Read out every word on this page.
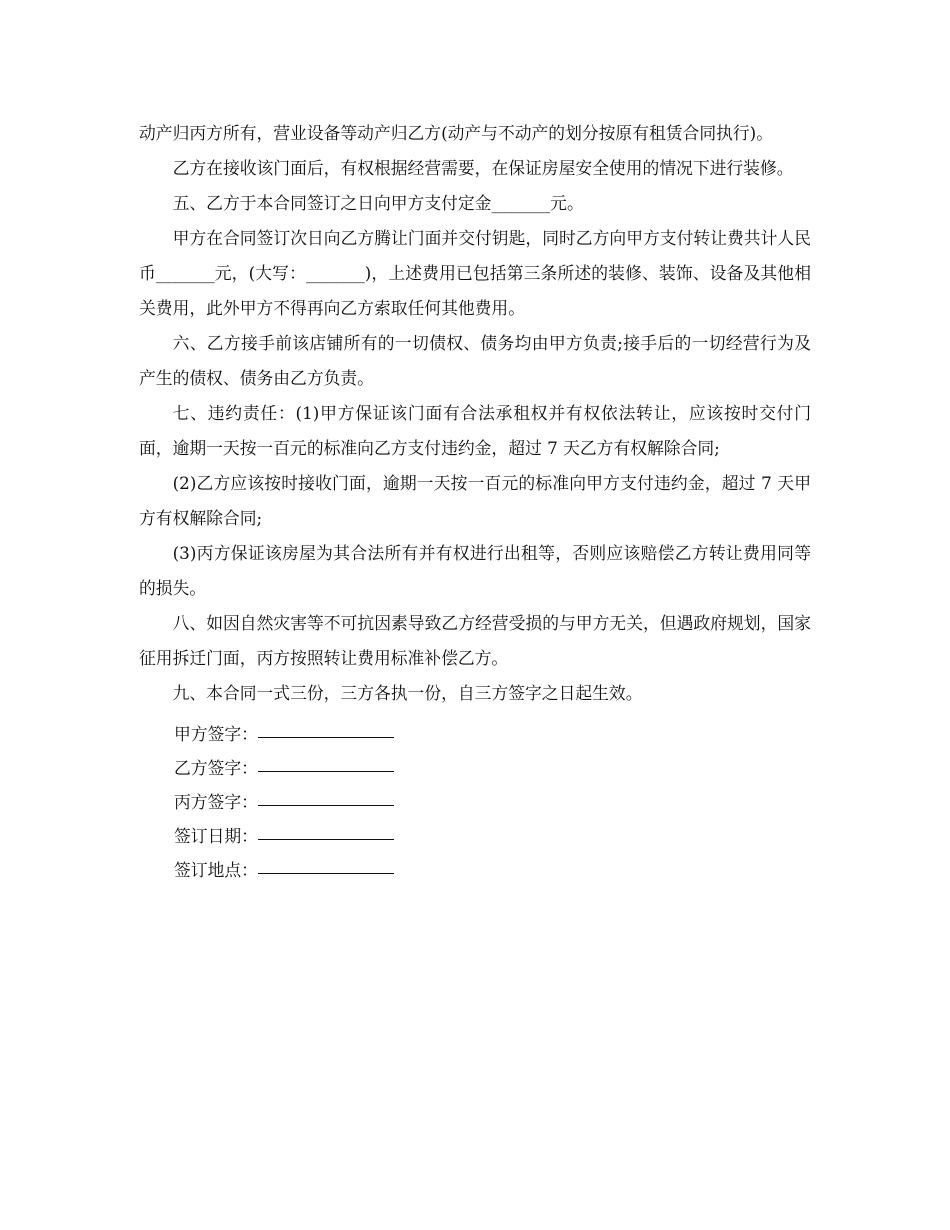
动产归丙方所有，营业设备等动产归乙方(动产与不动产的划分按原有租赁合同执行)。

乙方在接收该门面后，有权根据经营需要，在保证房屋安全使用的情况下进行装修。

五、乙方于本合同签订之日向甲方支付定金_______元。

甲方在合同签订次日向乙方腾让门面并交付钥匙，同时乙方向甲方支付转让费共计人民币_______元，(大写：_______)，上述费用已包括第三条所述的装修、装饰、设备及其他相关费用，此外甲方不得再向乙方索取任何其他费用。

六、乙方接手前该店铺所有的一切债权、债务均由甲方负责;接手后的一切经营行为及产生的债权、债务由乙方负责。

七、违约责任：(1)甲方保证该门面有合法承租权并有权依法转让，应该按时交付门面，逾期一天按一百元的标准向乙方支付违约金，超过 7 天乙方有权解除合同;

(2)乙方应该按时接收门面，逾期一天按一百元的标准向甲方支付违约金，超过 7 天甲方有权解除合同;

(3)丙方保证该房屋为其合法所有并有权进行出租等，否则应该赔偿乙方转让费用同等的损失。

八、如因自然灾害等不可抗因素导致乙方经营受损的与甲方无关，但遇政府规划，国家征用拆迁门面，丙方按照转让费用标准补偿乙方。

九、本合同一式三份，三方各执一份，自三方签字之日起生效。

甲方签字：
乙方签字：
丙方签字：
签订日期：
签订地点：
